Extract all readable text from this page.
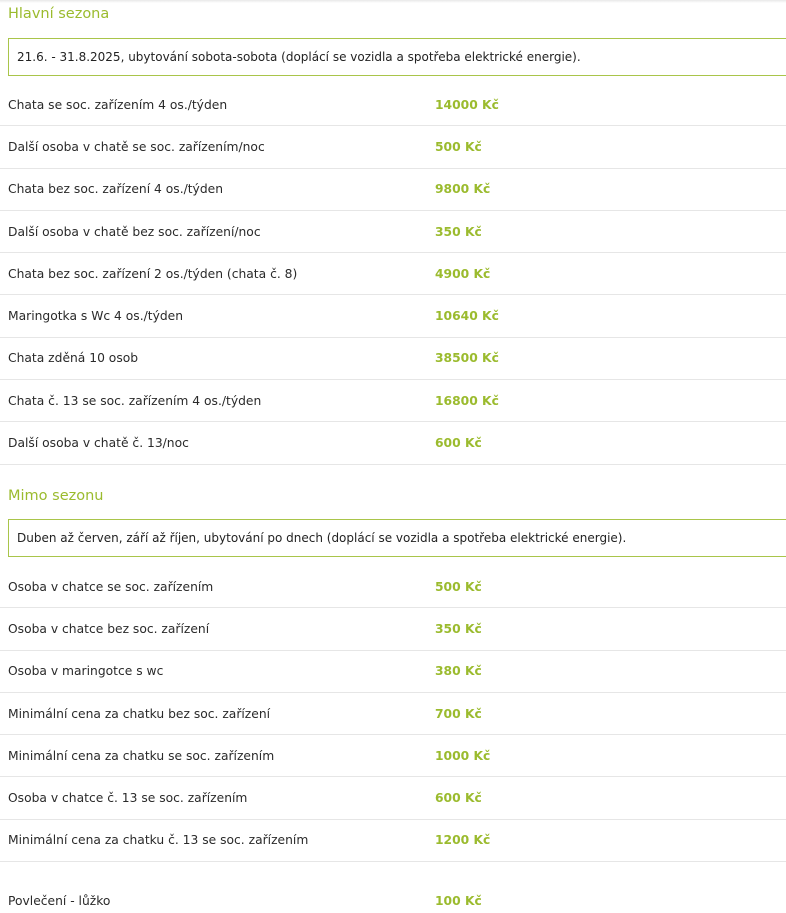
Hlavní sezona
21.6. - 31.8.2025, ubytování sobota-sobota (doplácí se vozidla a spotřeba elektrické energie).
Chata se soc. zařízením 4 os./týden	14000 Kč
Další osoba v chatě se soc. zařízením/noc	500 Kč
Chata bez soc. zařízení 4 os./týden	9800 Kč
Další osoba v chatě bez soc. zařízení/noc	350 Kč
Chata bez soc. zařízení 2 os./týden (chata č. 8)	4900 Kč
Maringotka s Wc 4 os./týden	10640 Kč
Chata zděná 10 osob	38500 Kč
Chata č. 13 se soc. zařízením 4 os./týden	16800 Kč
Další osoba v chatě č. 13/noc	600 Kč
Mimo sezonu
Duben až červen, září až říjen, ubytování po dnech (doplácí se vozidla a spotřeba elektrické energie).
Osoba v chatce se soc. zařízením	500 Kč
Osoba v chatce bez soc. zařízení	350 Kč
Osoba v maringotce s wc	380 Kč
Minimální cena za chatku bez soc. zařízení	700 Kč
Minimální cena za chatku se soc. zařízením	1000 Kč
Osoba v chatce č. 13 se soc. zařízením	600 Kč
Minimální cena za chatku č. 13 se soc. zařízením	1200 Kč
Povlečení - lůžko	100 Kč
